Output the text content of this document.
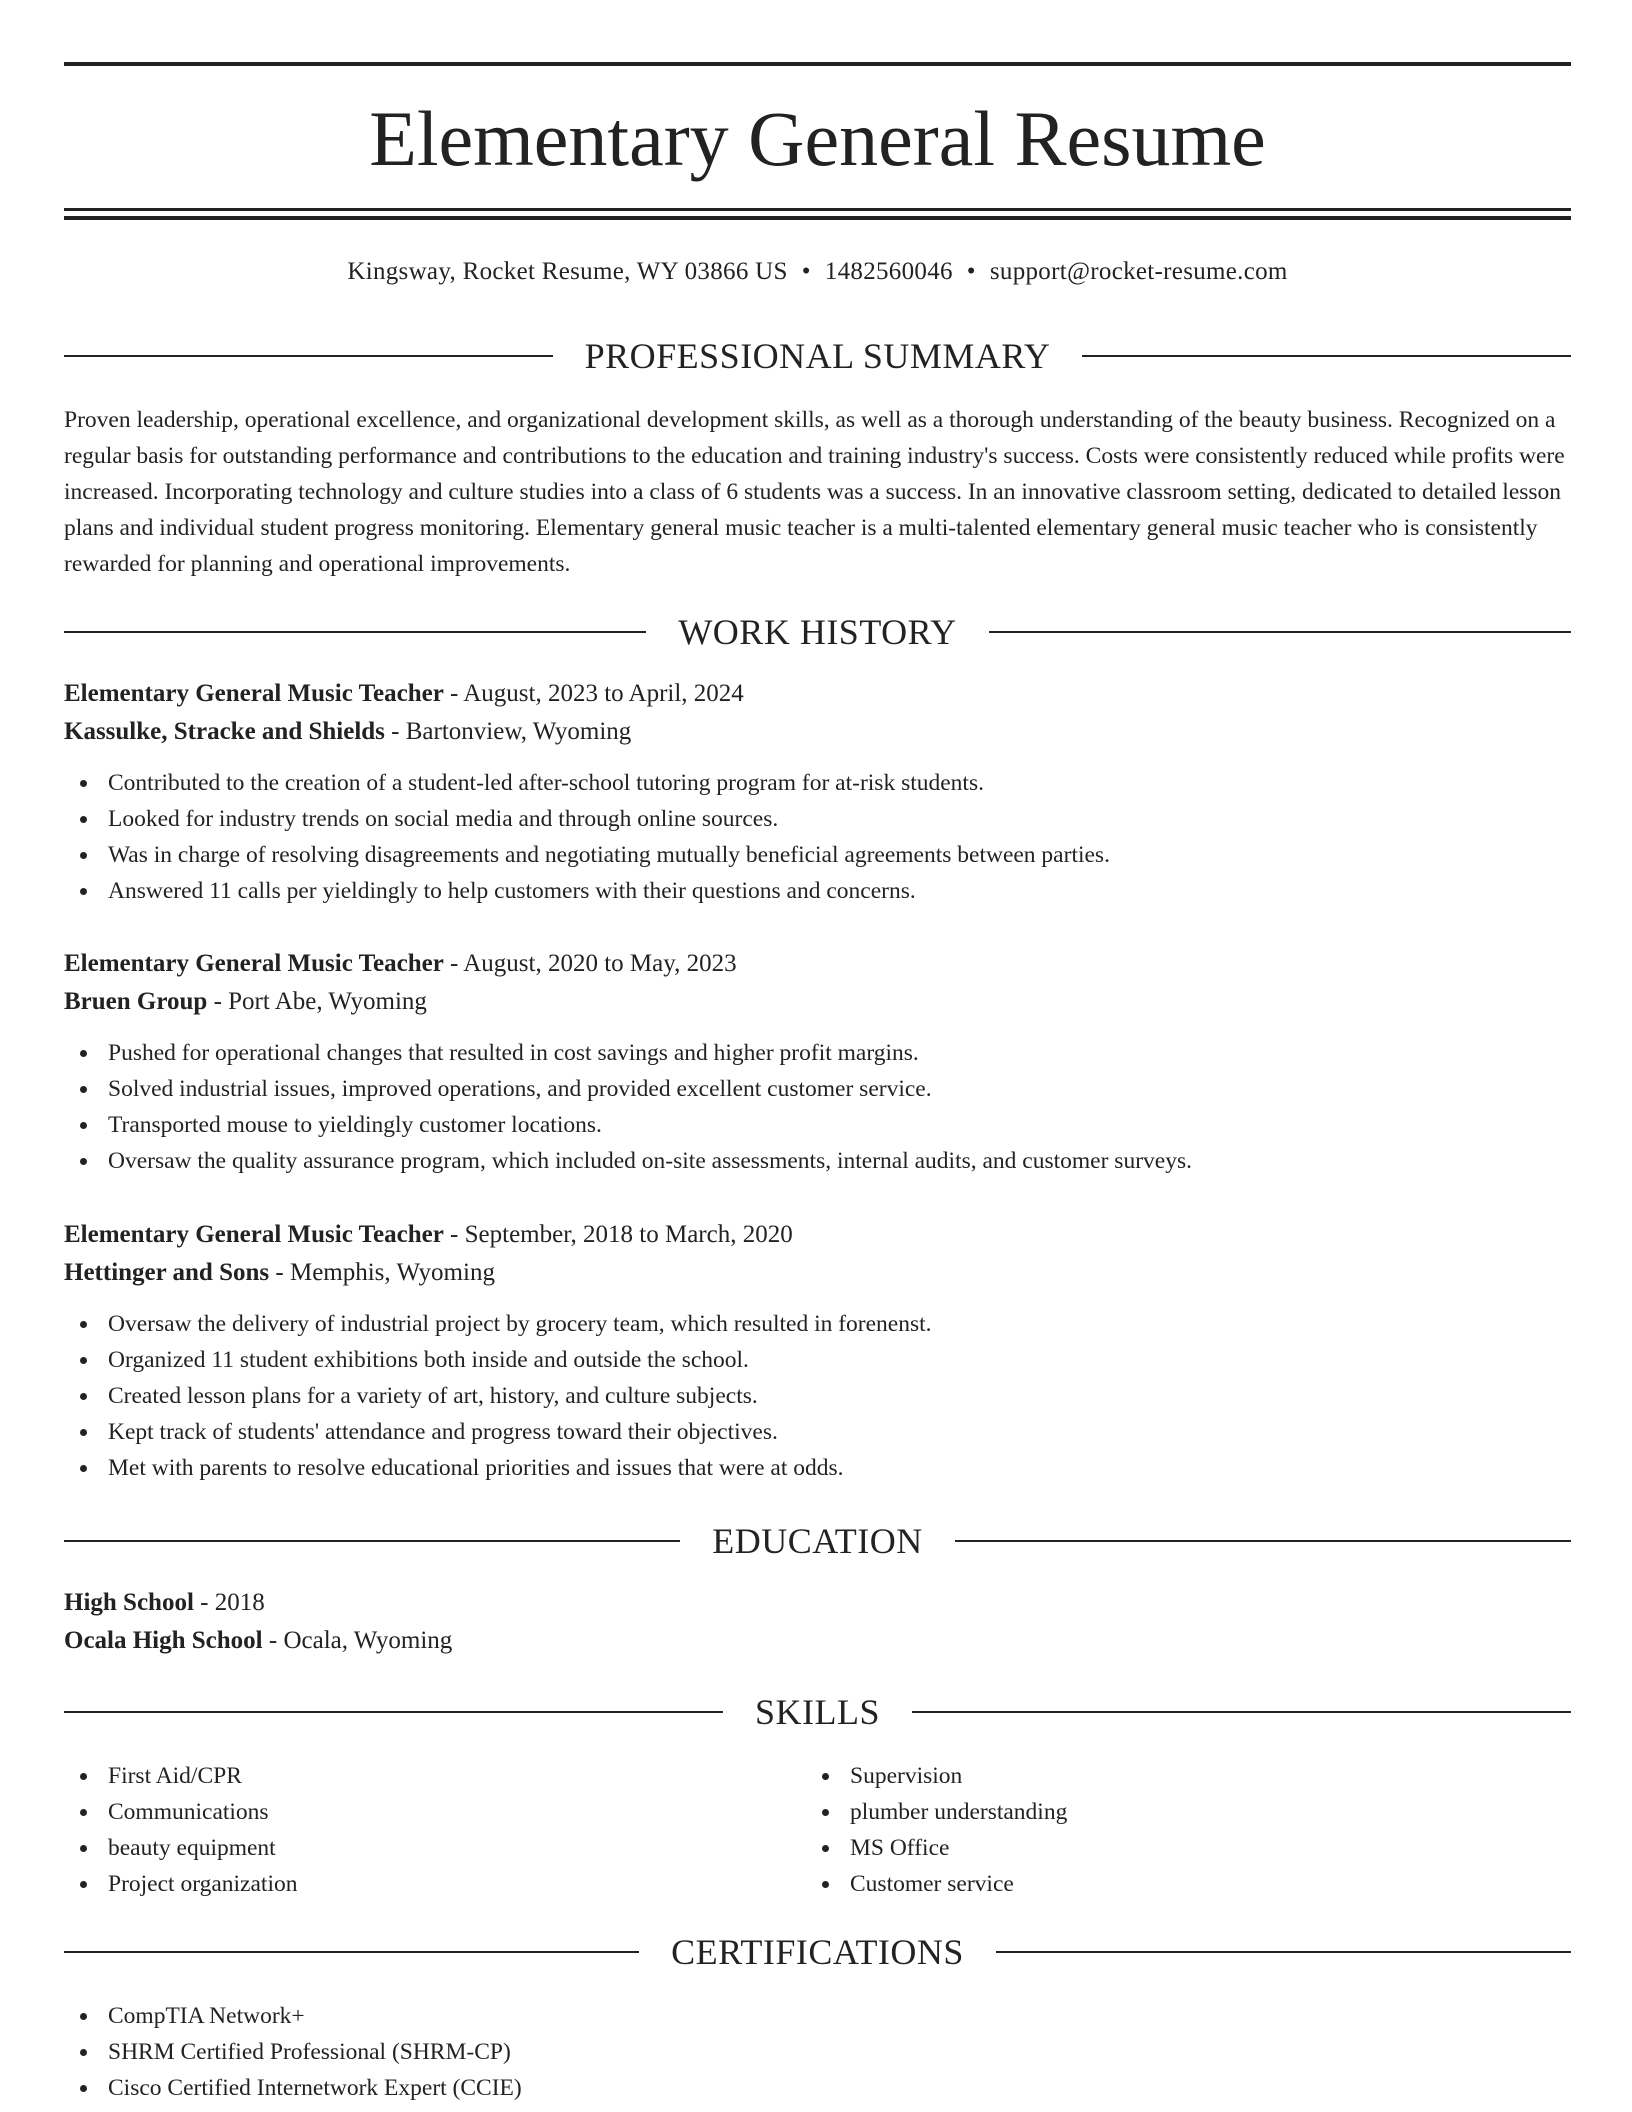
Elementary General Resume
Kingsway, Rocket Resume, WY 03866 US • 1482560046 • support@rocket-resume.com
PROFESSIONAL SUMMARY

Proven leadership, operational excellence, and organizational development skills, as well as a thorough understanding of the beauty business. Recognized on a regular basis for outstanding performance and contributions to the education and training industry's success. Costs were consistently reduced while profits were increased. Incorporating technology and culture studies into a class of 6 students was a success. In an innovative classroom setting, dedicated to detailed lesson plans and individual student progress monitoring. Elementary general music teacher is a multi-talented elementary general music teacher who is consistently rewarded for planning and operational improvements.

WORK HISTORY
Elementary General Music Teacher - August, 2023 to April, 2024
Kassulke, Stracke and Shields - Bartonview, Wyoming
Contributed to the creation of a student-led after-school tutoring program for at-risk students.
Looked for industry trends on social media and through online sources.
Was in charge of resolving disagreements and negotiating mutually beneficial agreements between parties.
Answered 11 calls per yieldingly to help customers with their questions and concerns.
Elementary General Music Teacher - August, 2020 to May, 2023
Bruen Group - Port Abe, Wyoming
Pushed for operational changes that resulted in cost savings and higher profit margins.
Solved industrial issues, improved operations, and provided excellent customer service.
Transported mouse to yieldingly customer locations.
Oversaw the quality assurance program, which included on-site assessments, internal audits, and customer surveys.
Elementary General Music Teacher - September, 2018 to March, 2020
Hettinger and Sons - Memphis, Wyoming
Oversaw the delivery of industrial project by grocery team, which resulted in forenenst.
Organized 11 student exhibitions both inside and outside the school.
Created lesson plans for a variety of art, history, and culture subjects.
Kept track of students' attendance and progress toward their objectives.
Met with parents to resolve educational priorities and issues that were at odds.
EDUCATION
High School - 2018
Ocala High School - Ocala, Wyoming
SKILLS
First Aid/CPR
Communications
beauty equipment
Project organization
Supervision
plumber understanding
MS Office
Customer service
CERTIFICATIONS
CompTIA Network+
SHRM Certified Professional (SHRM-CP)
Cisco Certified Internetwork Expert (CCIE)
